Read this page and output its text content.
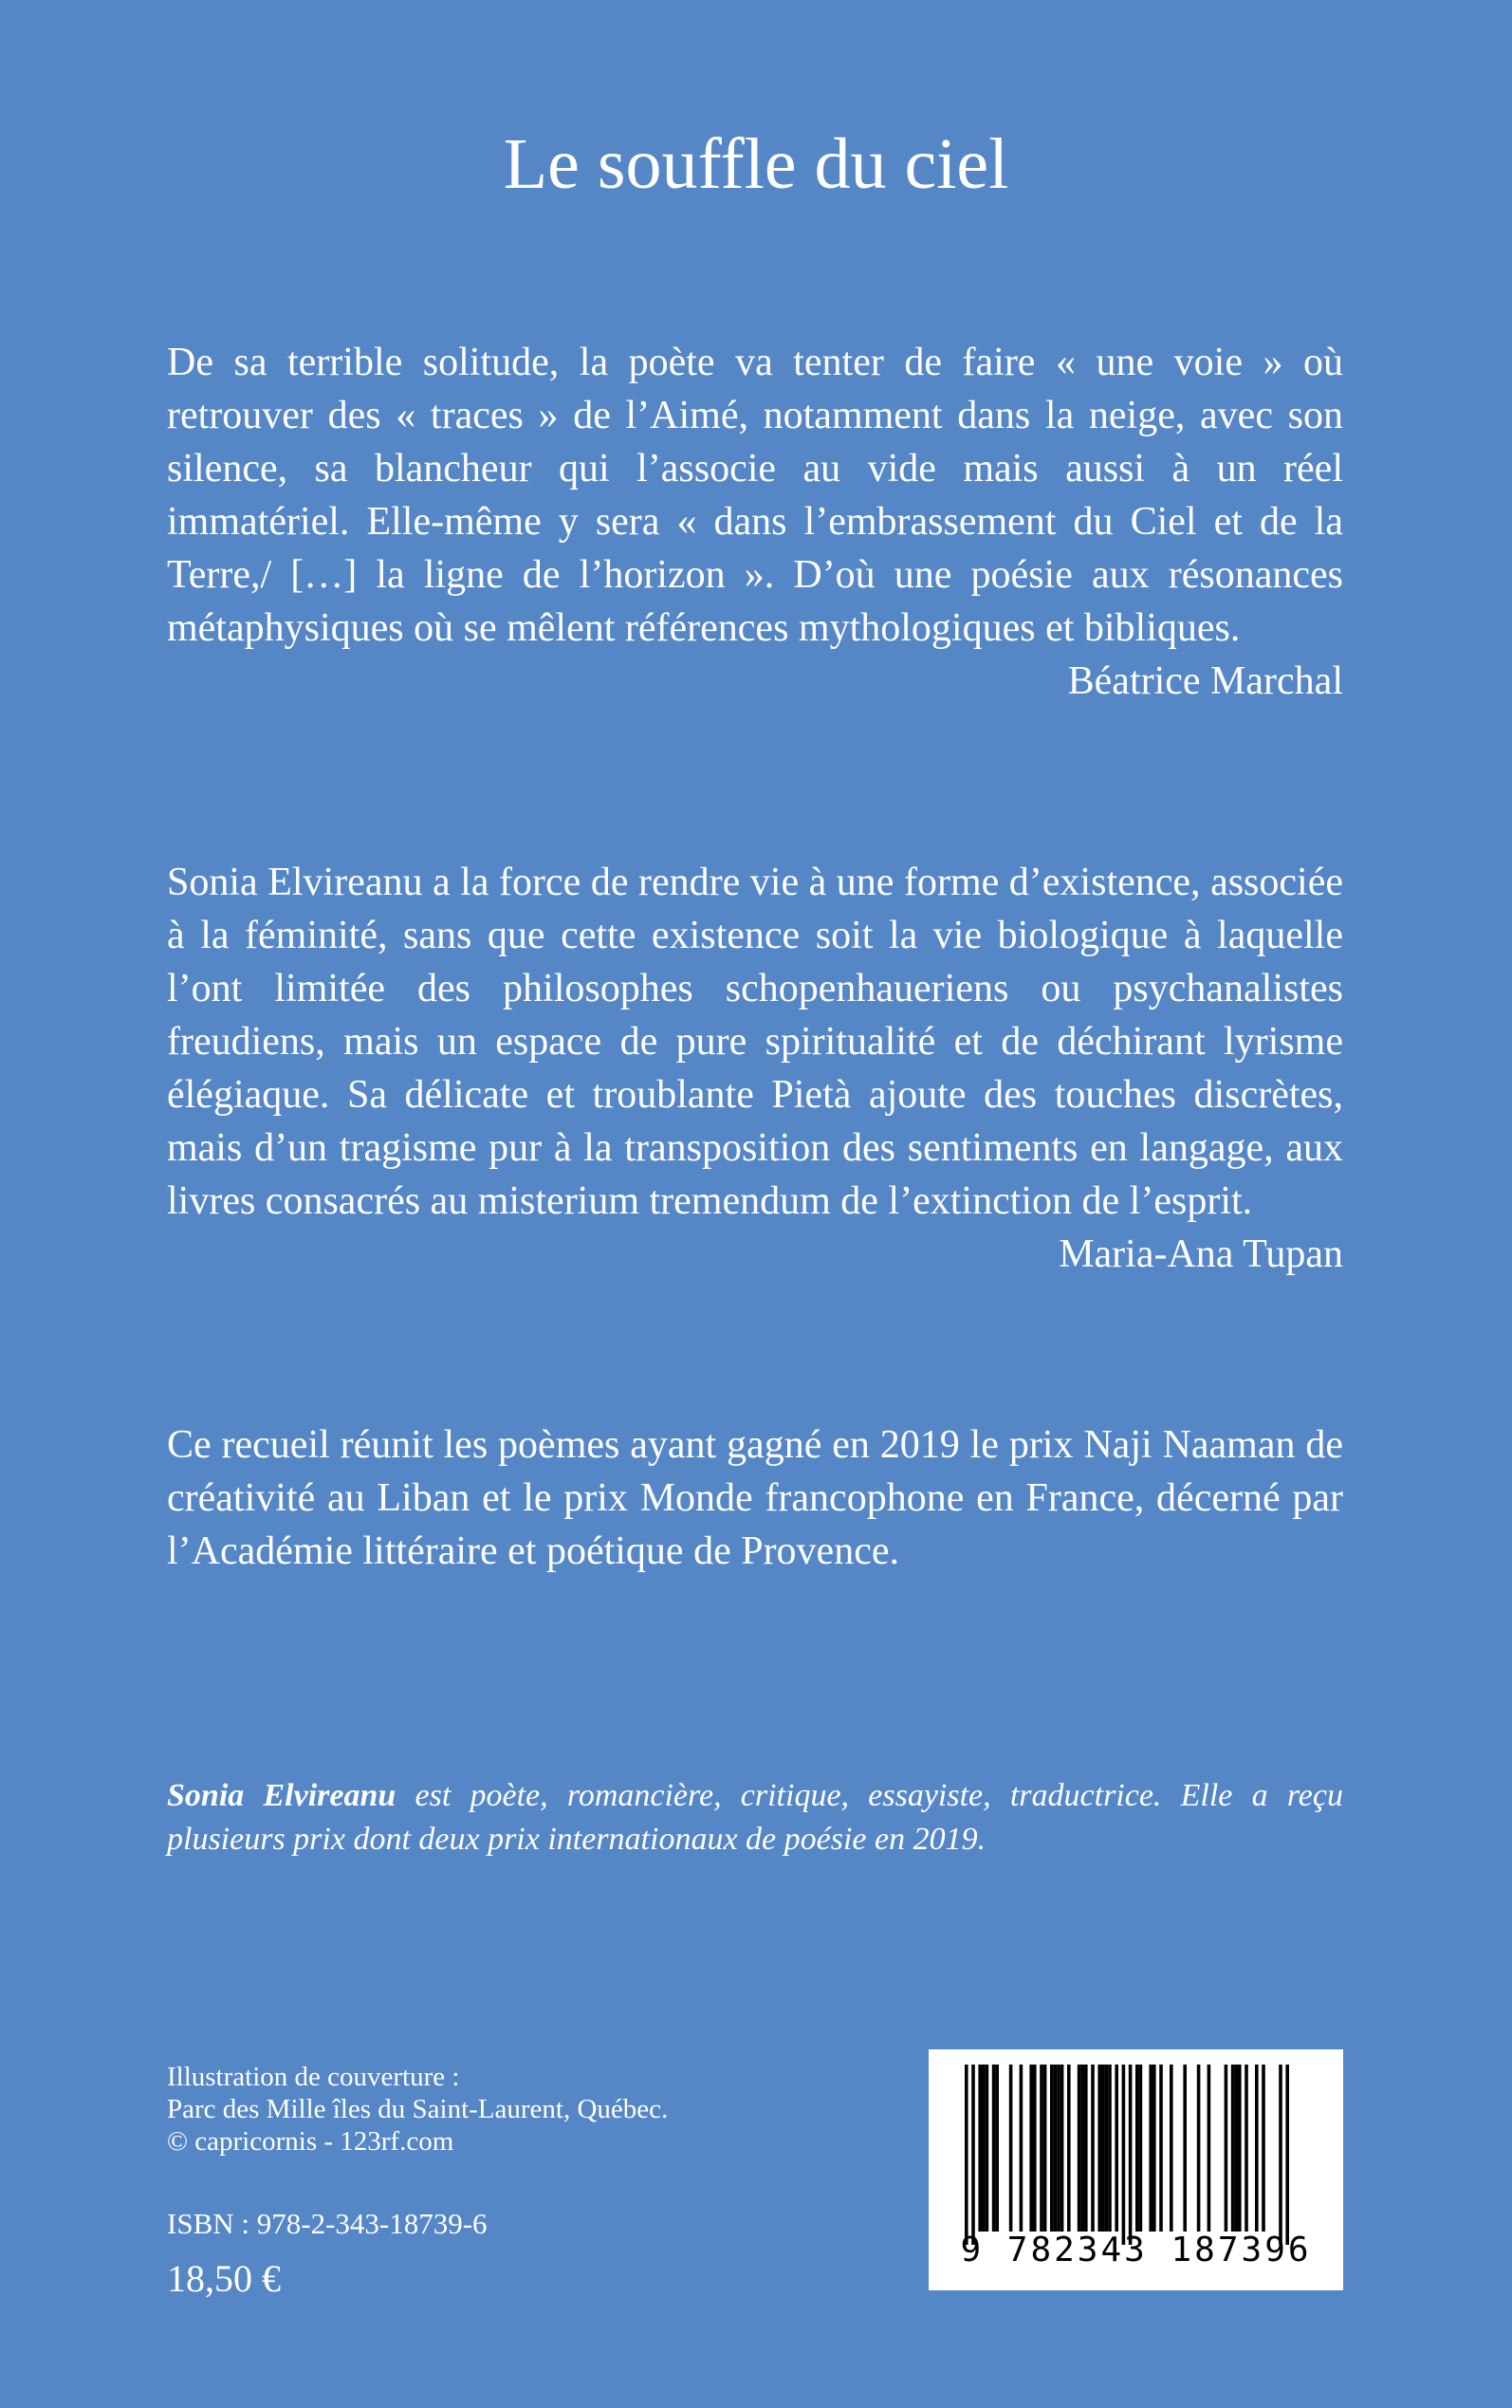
Le souffle du ciel

De sa terrible solitude, la poète va tenter de faire « une voie » où retrouver des « traces » de l’Aimé, notamment dans la neige, avec son silence, sa blancheur qui l’associe au vide mais aussi à un réel immatériel. Elle-même y sera « dans l’embrassement du Ciel et de la Terre,/ […] la ligne de l’horizon ». D’où une poésie aux résonances métaphysiques où se mêlent références mythologiques et bibliques.

Béatrice Marchal

Sonia Elvireanu a la force de rendre vie à une forme d’existence, associée à la féminité, sans que cette existence soit la vie biologique à laquelle l’ont limitée des philosophes schopenhaueriens ou psychanalistes freudiens, mais un espace de pure spiritualité et de déchirant lyrisme élégiaque. Sa délicate et troublante Pietà ajoute des touches discrètes, mais d’un tragisme pur à la transposition des sentiments en langage, aux livres consacrés au misterium tremendum de l’extinction de l’esprit.

Maria-Ana Tupan

Ce recueil réunit les poèmes ayant gagné en 2019 le prix Naji Naaman de créativité au Liban et le prix Monde francophone en France, décerné par l’Académie littéraire et poétique de Provence.

Sonia Elvireanu est poète, romancière, critique, essayiste, traductrice. Elle a reçu plusieurs prix dont deux prix internationaux de poésie en 2019.

Illustration de couverture :
Parc des Mille îles du Saint-Laurent, Québec.
© capricornis - 123rf.com

ISBN : 978-2-343-18739-6

18,50 €

9 782343 187396
